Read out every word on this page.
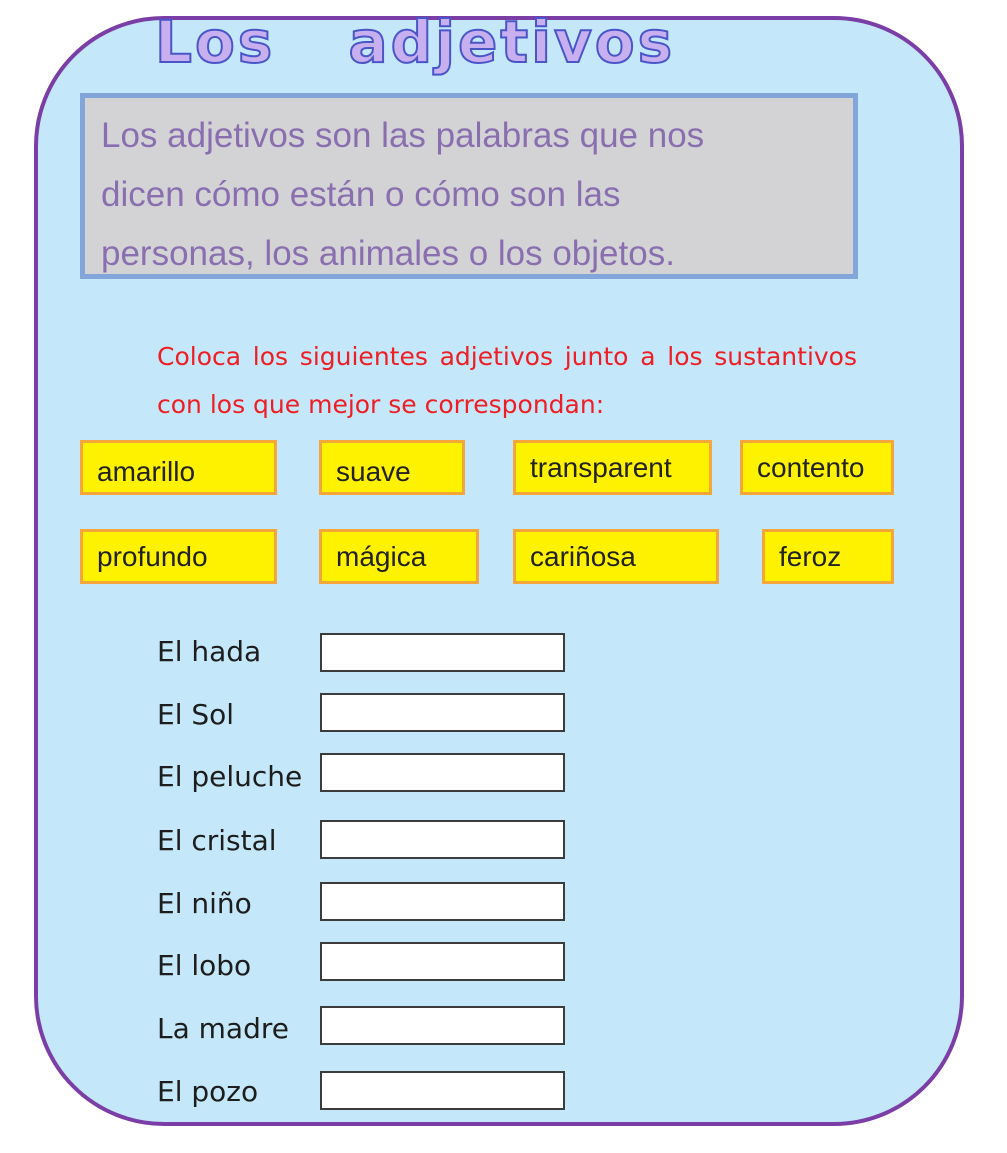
Los adjetivos

Los adjetivos son las palabras que nos

dicen cómo están o cómo son las

personas, los animales o los objetos.

Coloca los siguientes adjetivos junto a los sustantivos con los que mejor se correspondan:

amarillo	suave	transparent	contento
profundo	mágica	cariñosa	feroz
El hada
El Sol
El peluche
El cristal
El niño
El lobo
La madre
El pozo
